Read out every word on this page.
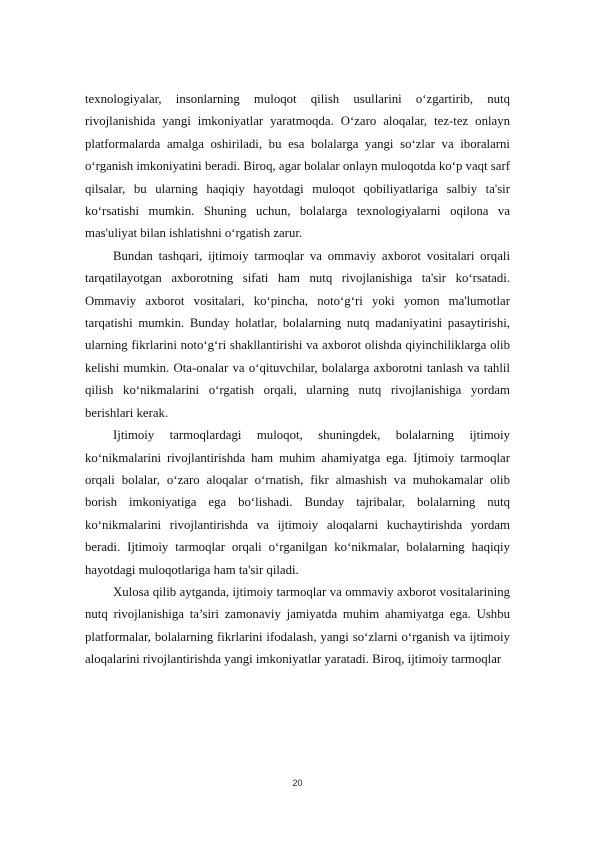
texnologiyalar, insonlarning muloqot qilish usullarini o‘zgartirib, nutq rivojlanishida yangi imkoniyatlar yaratmoqda. O‘zaro aloqalar, tez-tez onlayn platformalarda amalga oshiriladi, bu esa bolalarga yangi so‘zlar va iboralarni o‘rganish imkoniyatini beradi. Biroq, agar bolalar onlayn muloqotda ko‘p vaqt sarf qilsalar, bu ularning haqiqiy hayotdagi muloqot qobiliyatlariga salbiy ta'sir ko‘rsatishi mumkin. Shuning uchun, bolalarga texnologiyalarni oqilona va mas'uliyat bilan ishlatishni o‘rgatish zarur.

Bundan tashqari, ijtimoiy tarmoqlar va ommaviy axborot vositalari orqali tarqatilayotgan axborotning sifati ham nutq rivojlanishiga ta'sir ko‘rsatadi. Ommaviy axborot vositalari, ko‘pincha, noto‘g‘ri yoki yomon ma'lumotlar tarqatishi mumkin. Bunday holatlar, bolalarning nutq madaniyatini pasaytirishi, ularning fikrlarini noto‘g‘ri shakllantirishi va axborot olishda qiyinchiliklarga olib kelishi mumkin. Ota-onalar va o‘qituvchilar, bolalarga axborotni tanlash va tahlil qilish ko‘nikmalarini o‘rgatish orqali, ularning nutq rivojlanishiga yordam berishlari kerak.

Ijtimoiy tarmoqlardagi muloqot, shuningdek, bolalarning ijtimoiy ko‘nikmalarini rivojlantirishda ham muhim ahamiyatga ega. Ijtimoiy tarmoqlar orqali bolalar, o‘zaro aloqalar o‘rnatish, fikr almashish va muhokamalar olib borish imkoniyatiga ega bo‘lishadi. Bunday tajribalar, bolalarning nutq ko‘nikmalarini rivojlantirishda va ijtimoiy aloqalarni kuchaytirishda yordam beradi. Ijtimoiy tarmoqlar orqali o‘rganilgan ko‘nikmalar, bolalarning haqiqiy hayotdagi muloqotlariga ham ta'sir qiladi.

Xulosa qilib aytganda, ijtimoiy tarmoqlar va ommaviy axborot vositalarining nutq rivojlanishiga ta’siri zamonaviy jamiyatda muhim ahamiyatga ega. Ushbu platformalar, bolalarning fikrlarini ifodalash, yangi so‘zlarni o‘rganish va ijtimoiy aloqalarini rivojlantirishda yangi imkoniyatlar yaratadi. Biroq, ijtimoiy tarmoqlar

20
